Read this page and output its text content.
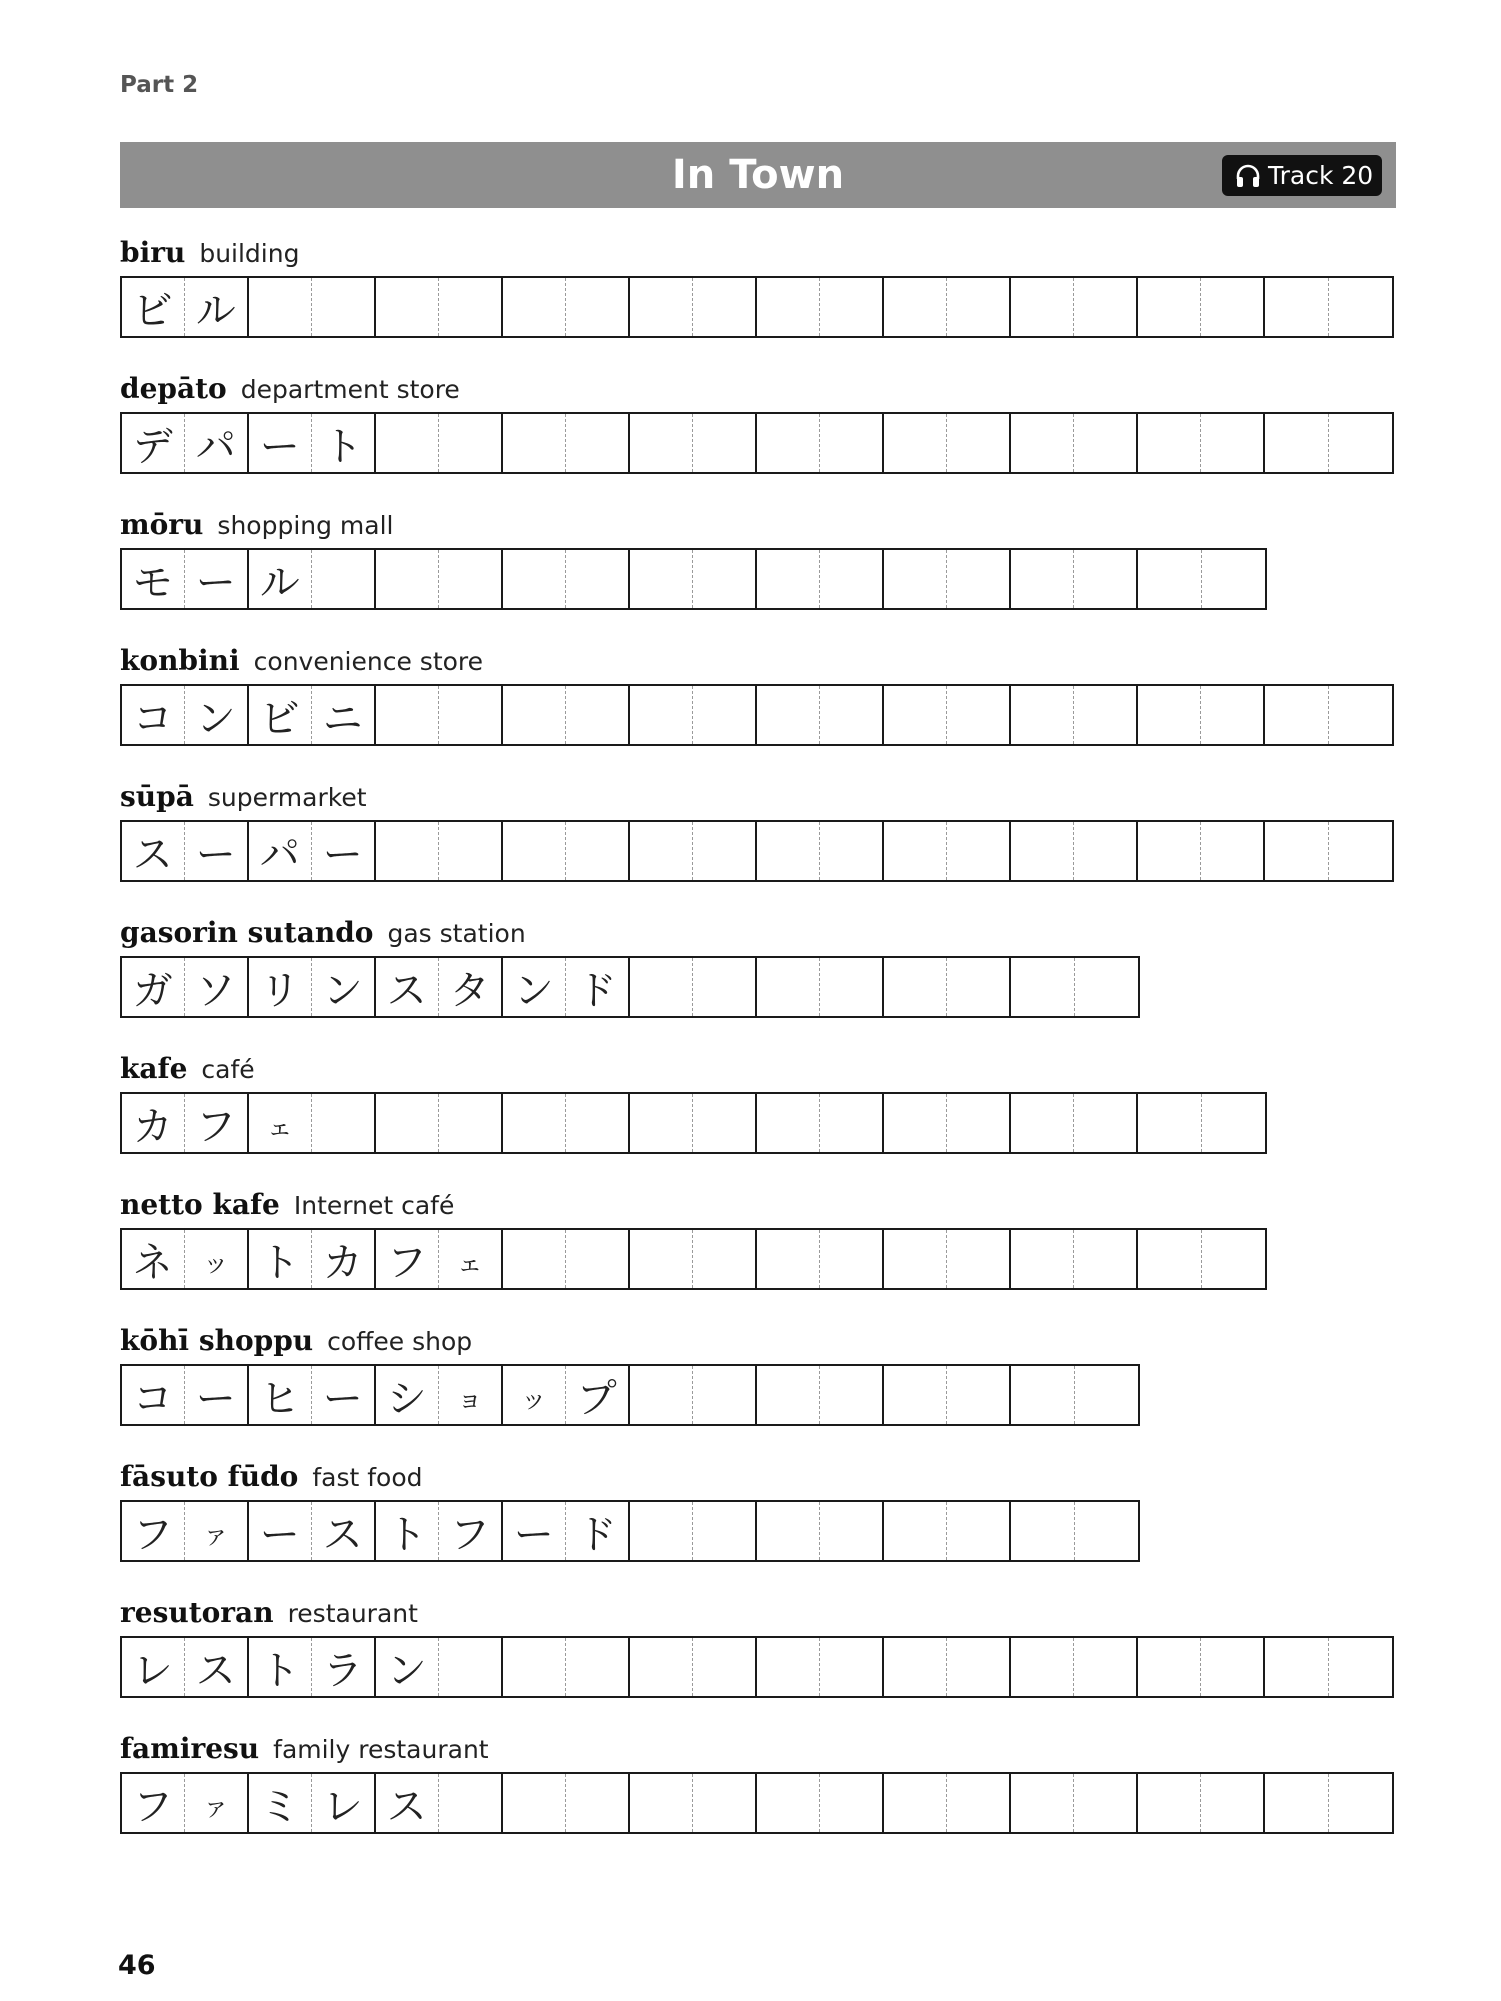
Part 2
In Town	Track 20
biru building
ビ ル
depāto department store
デ パ ー ト
mōru shopping mall
モ ー ル
konbini convenience store
コ ン ビ ニ
sūpā supermarket
ス ー パ ー
gasorin sutando gas station
ガ ソ リ ン ス タ ン ド
kafe café
カ フ	ェ
netto kafe Internet café
ネ	ッ ト カ フ	ェ
kōhī shoppu coffee shop
コ ー ヒ ー シ	ョ	ッ プ
fāsuto fūdo fast food
フ	ァ ー ス ト フ ー ド
resutoran restaurant
レ ス ト ラ ン
famiresu family restaurant
フ	ァ ミ レ ス
46
